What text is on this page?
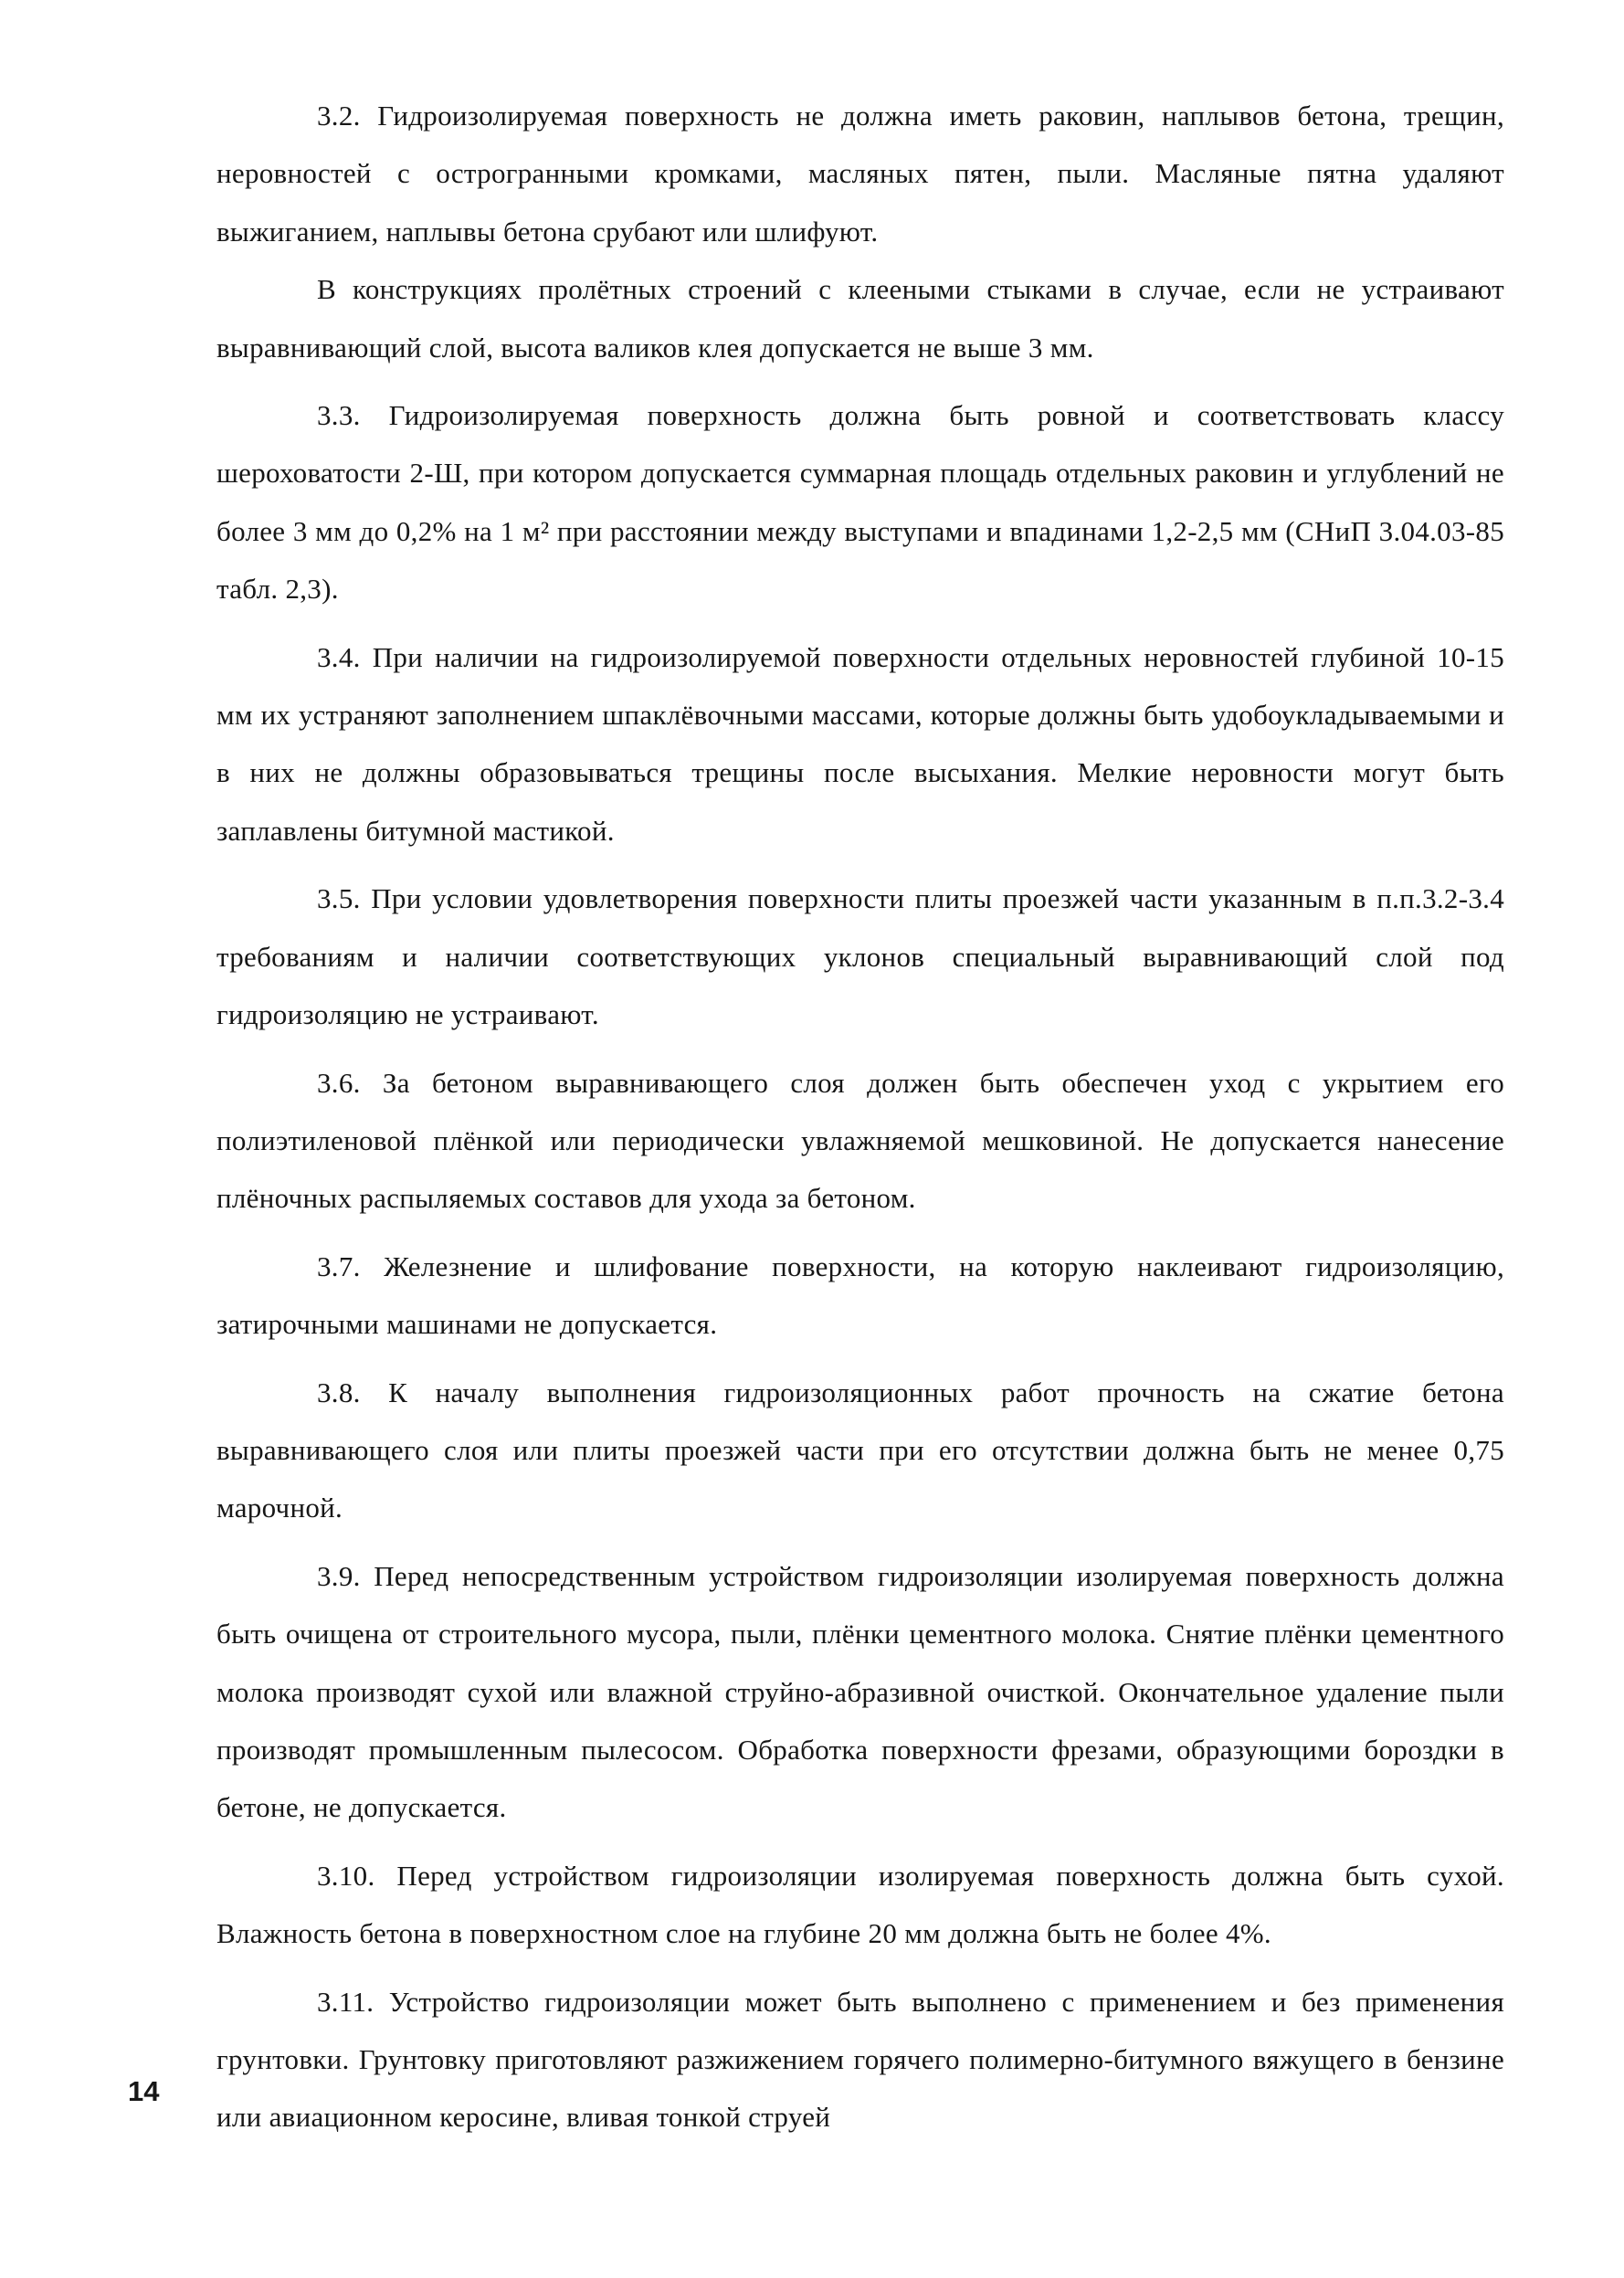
3.2. Гидроизолируемая поверхность не должна иметь раковин, наплывов бетона, трещин, неровностей с острогранными кромками, масляных пятен, пыли. Масляные пятна удаляют выжиганием, наплывы бетона срубают или шлифуют.

В конструкциях пролётных строений с клееными стыками в случае, если не устраивают выравнивающий слой, высота валиков клея допускается не выше 3 мм.

3.3. Гидроизолируемая поверхность должна быть ровной и соответствовать классу шероховатости 2-Ш, при котором допускается суммарная площадь отдельных раковин и углублений не более 3 мм до 0,2% на 1 м² при расстоянии между выступами и впадинами 1,2-2,5 мм (СНиП 3.04.03-85 табл. 2,3).

3.4. При наличии на гидроизолируемой поверхности отдельных неровностей глубиной 10-15 мм их устраняют заполнением шпаклёвочными массами, которые должны быть удобоукладываемыми и в них не должны образовываться трещины после высыхания. Мелкие неровности могут быть заплавлены битумной мастикой.

3.5. При условии удовлетворения поверхности плиты проезжей части указанным в п.п.3.2-3.4 требованиям и наличии соответствующих уклонов специальный выравнивающий слой под гидроизоляцию не устраивают.

3.6. За бетоном выравнивающего слоя должен быть обеспечен уход с укрытием его полиэтиленовой плёнкой или периодически увлажняемой мешковиной. Не допускается нанесение плёночных распыляемых составов для ухода за бетоном.

3.7. Железнение и шлифование поверхности, на которую наклеивают гидроизоляцию, затирочными машинами не допускается.

3.8. К началу выполнения гидроизоляционных работ прочность на сжатие бетона выравнивающего слоя или плиты проезжей части при его отсутствии должна быть не менее 0,75 марочной.

3.9. Перед непосредственным устройством гидроизоляции изолируемая поверхность должна быть очищена от строительного мусора, пыли, плёнки цементного молока. Снятие плёнки цементного молока производят сухой или влажной струйно-абразивной очисткой. Окончательное удаление пыли производят промышленным пылесосом. Обработка поверхности фрезами, образующими бороздки в бетоне, не допускается.

3.10. Перед устройством гидроизоляции изолируемая поверхность должна быть сухой. Влажность бетона в поверхностном слое на глубине 20 мм должна быть не более 4%.

3.11. Устройство гидроизоляции может быть выполнено с применением и без применения грунтовки. Грунтовку приготовляют разжижением горячего полимерно-битумного вяжущего в бензине или авиационном керосине, вливая тонкой струей

14
